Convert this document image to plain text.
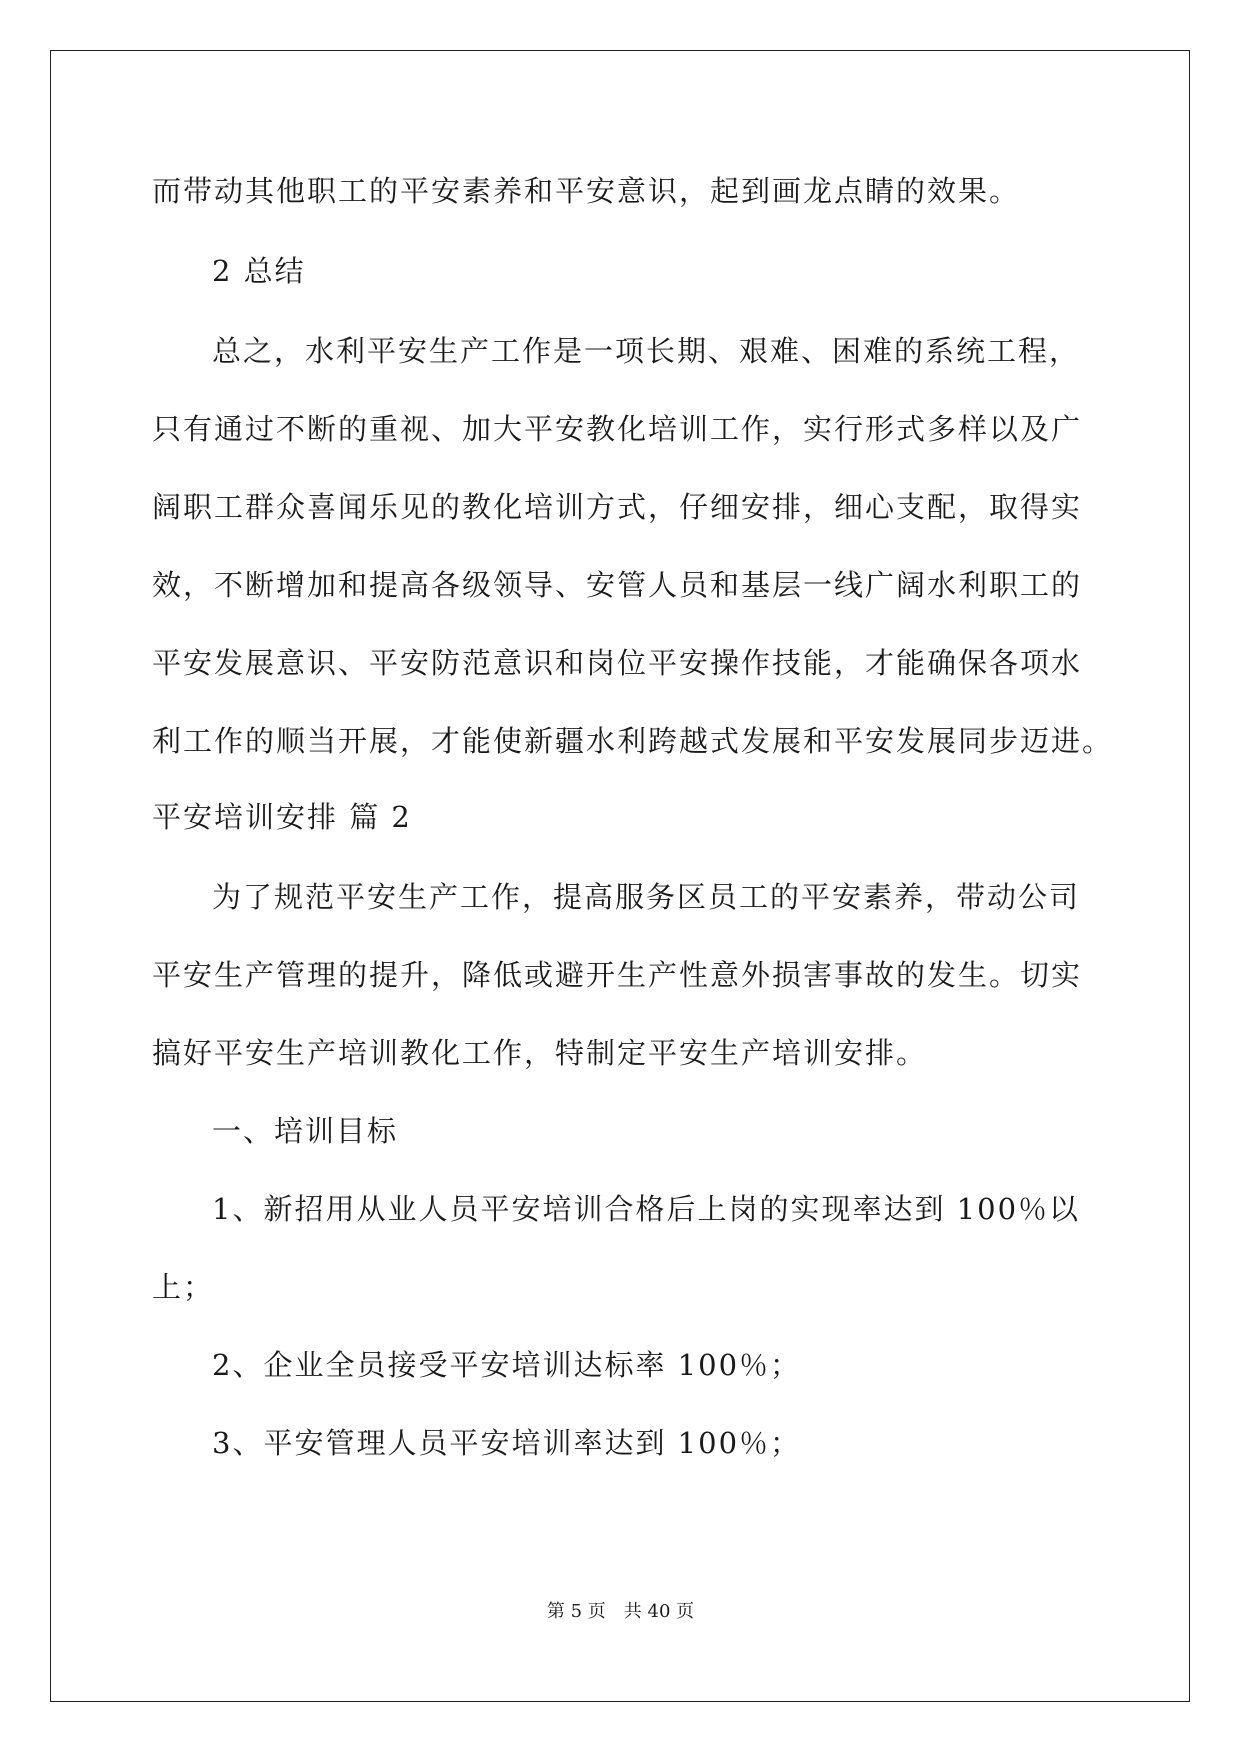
而带动其他职工的平安素养和平安意识，起到画龙点睛的效果。
2 总结
总之，水利平安生产工作是一项长期、艰难、困难的系统工程，
只有通过不断的重视、加大平安教化培训工作，实行形式多样以及广
阔职工群众喜闻乐见的教化培训方式，仔细安排，细心支配，取得实
效，不断增加和提高各级领导、安管人员和基层一线广阔水利职工的
平安发展意识、平安防范意识和岗位平安操作技能，才能确保各项水
利工作的顺当开展，才能使新疆水利跨越式发展和平安发展同步迈进。
平安培训安排 篇 2
为了规范平安生产工作，提高服务区员工的平安素养，带动公司
平安生产管理的提升，降低或避开生产性意外损害事故的发生。切实
搞好平安生产培训教化工作，特制定平安生产培训安排。
一、培训目标
1、新招用从业人员平安培训合格后上岗的实现率达到 100％以
上；
2、企业全员接受平安培训达标率 100％；
3、平安管理人员平安培训率达到 100％；
第 5 页　共 40 页
